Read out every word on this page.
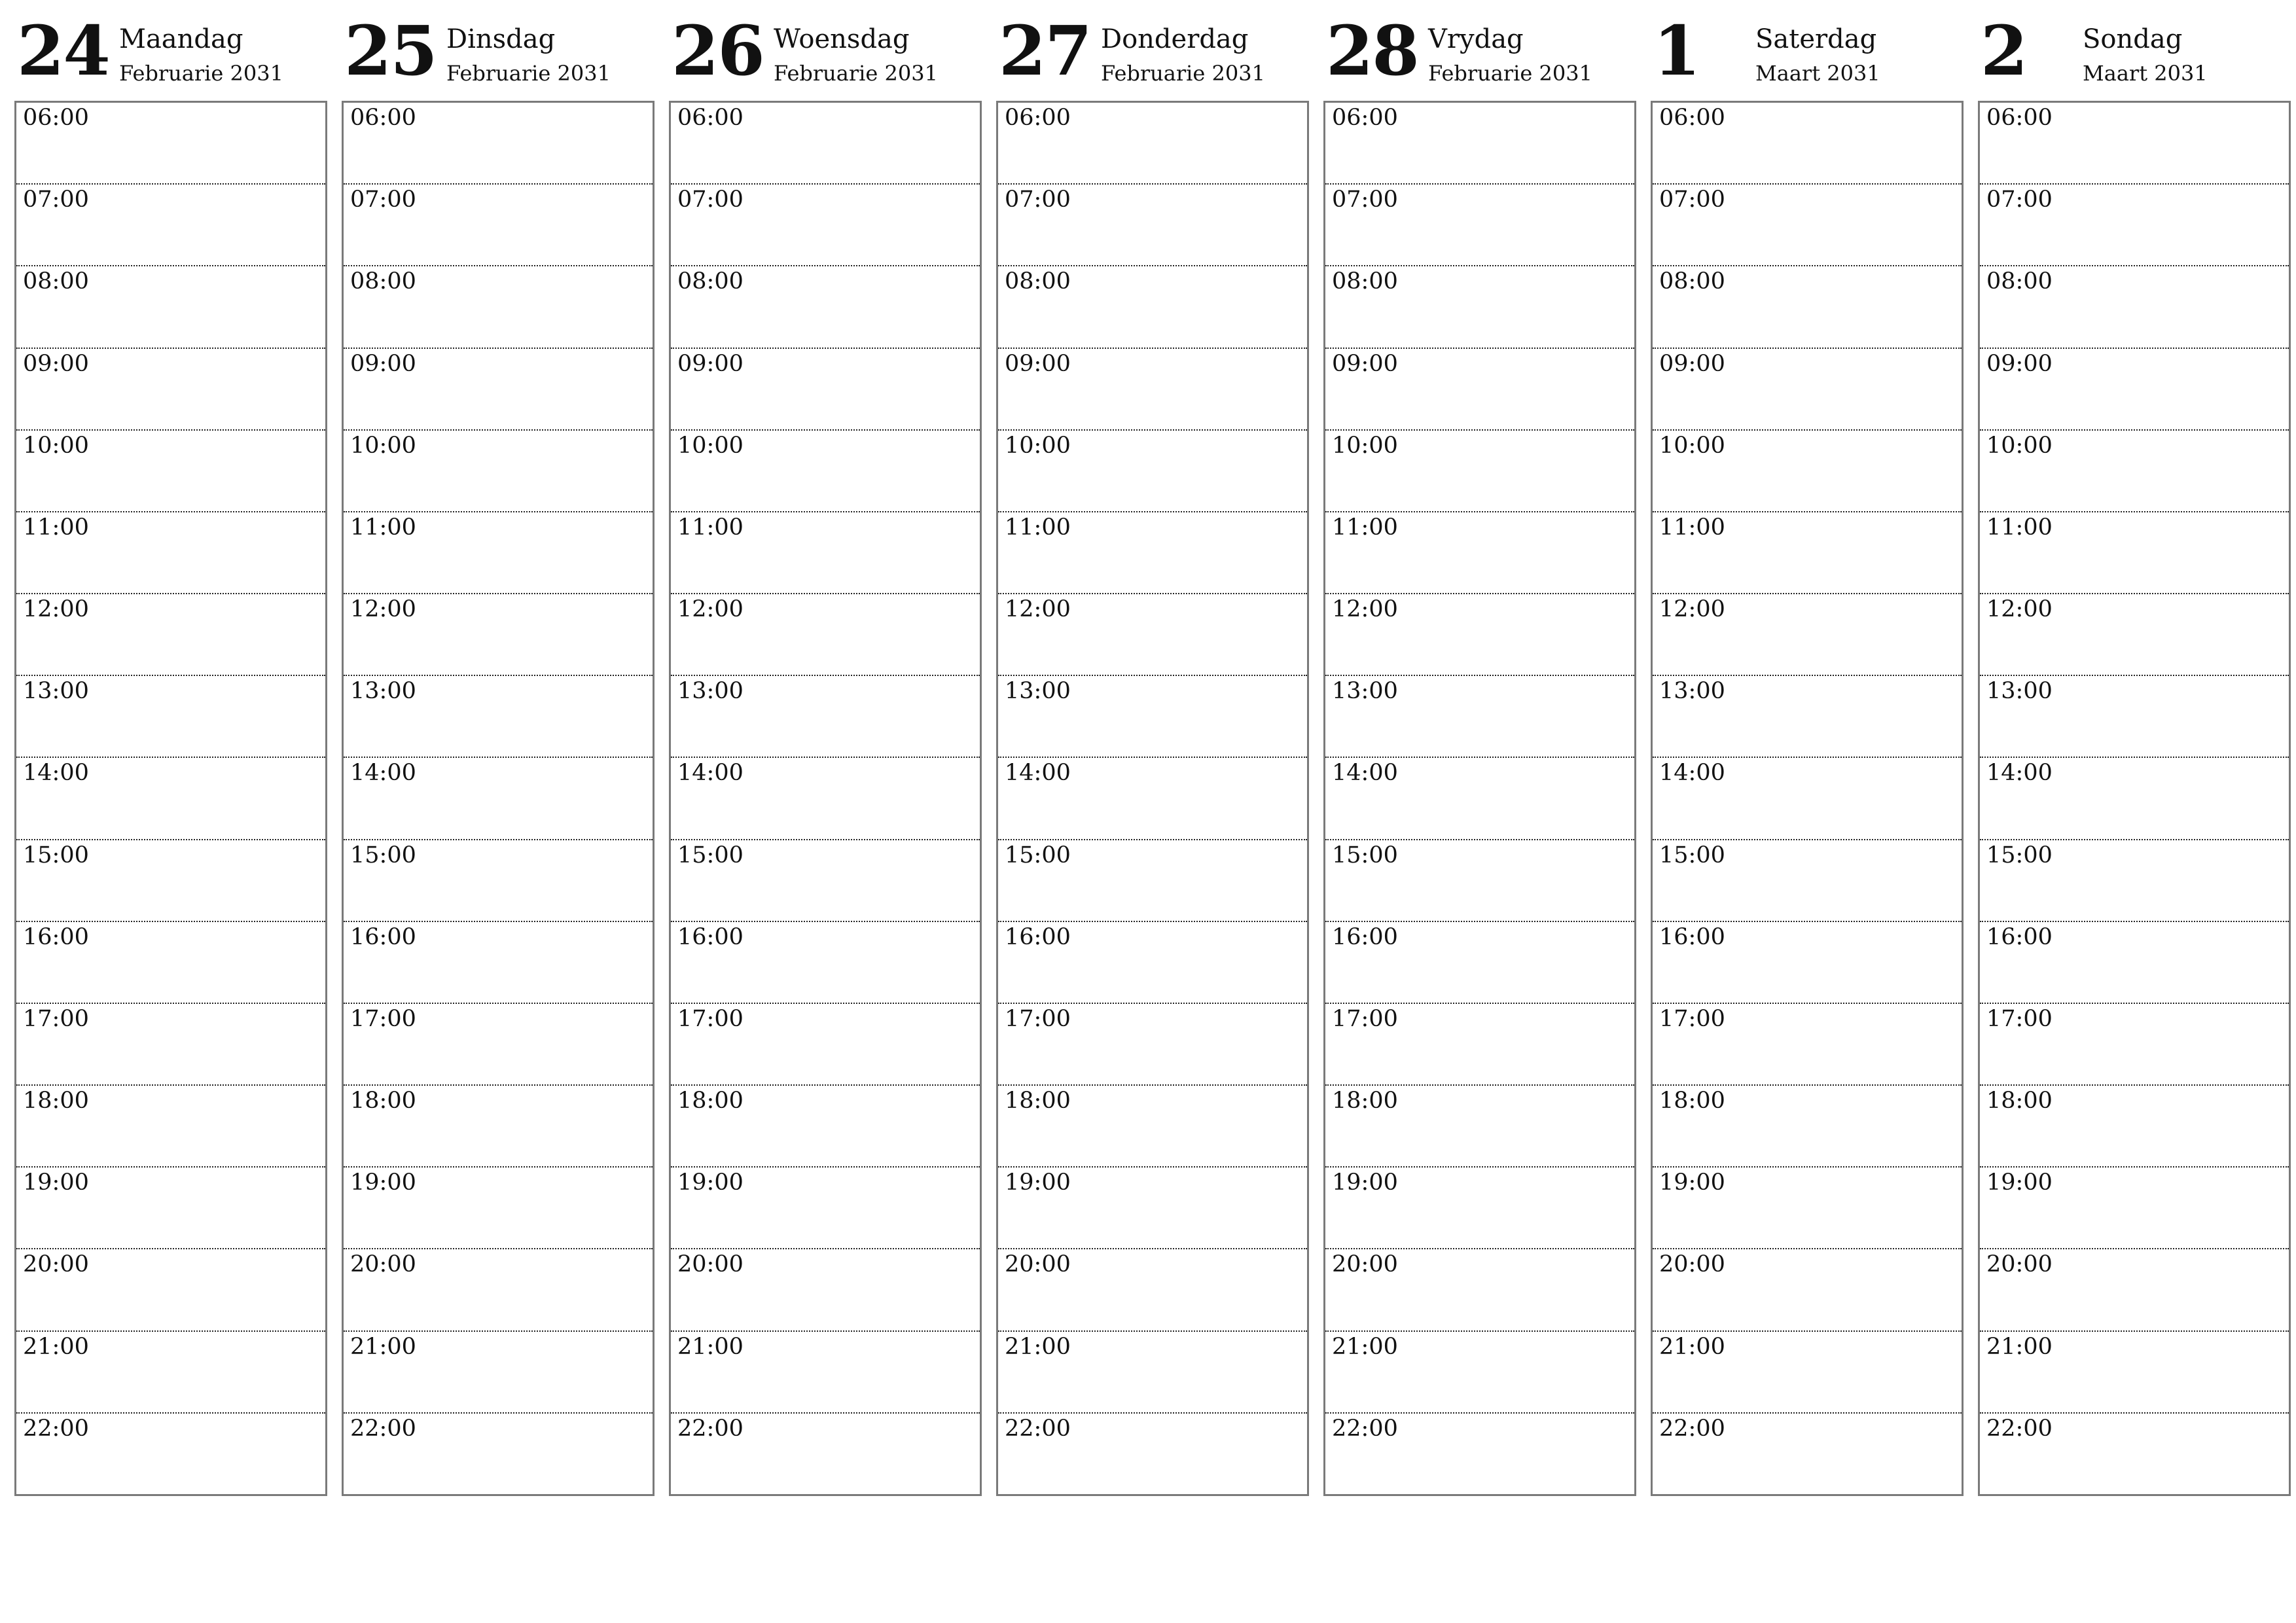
24 Maandag
Februarie 2031
06:00
07:00
08:00
09:00
10:00
11:00
12:00
13:00
14:00
15:00
16:00
17:00
18:00
19:00
20:00
21:00
22:00
25 Dinsdag
Februarie 2031
06:00
07:00
08:00
09:00
10:00
11:00
12:00
13:00
14:00
15:00
16:00
17:00
18:00
19:00
20:00
21:00
22:00
26 Woensdag
Februarie 2031
06:00
07:00
08:00
09:00
10:00
11:00
12:00
13:00
14:00
15:00
16:00
17:00
18:00
19:00
20:00
21:00
22:00
27 Donderdag
Februarie 2031
06:00
07:00
08:00
09:00
10:00
11:00
12:00
13:00
14:00
15:00
16:00
17:00
18:00
19:00
20:00
21:00
22:00
28 Vrydag
Februarie 2031
06:00
07:00
08:00
09:00
10:00
11:00
12:00
13:00
14:00
15:00
16:00
17:00
18:00
19:00
20:00
21:00
22:00
1 Saterdag
Maart 2031
06:00
07:00
08:00
09:00
10:00
11:00
12:00
13:00
14:00
15:00
16:00
17:00
18:00
19:00
20:00
21:00
22:00
2 Sondag
Maart 2031
06:00
07:00
08:00
09:00
10:00
11:00
12:00
13:00
14:00
15:00
16:00
17:00
18:00
19:00
20:00
21:00
22:00
